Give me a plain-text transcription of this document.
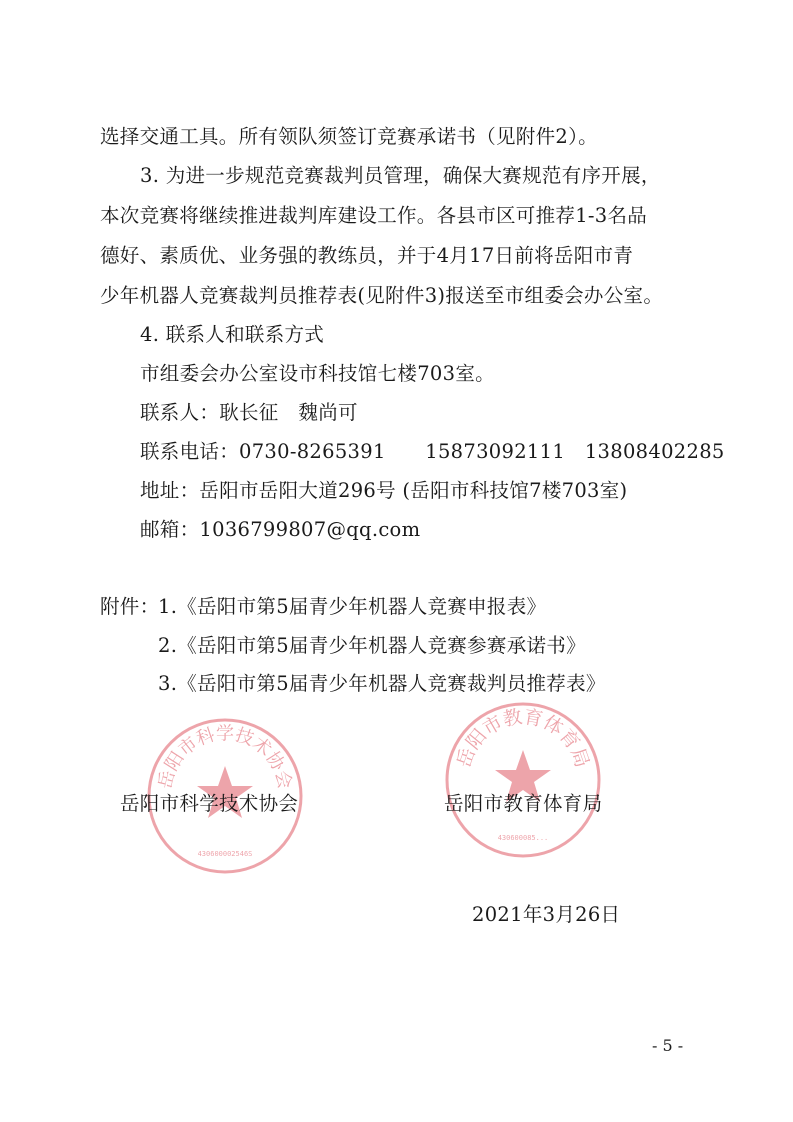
选择交通工具。所有领队须签订竞赛承诺书（见附件2）。
3. 为进一步规范竞赛裁判员管理，确保大赛规范有序开展，
本次竞赛将继续推进裁判库建设工作。各县市区可推荐1-3名品
德好、素质优、业务强的教练员，并于4月17日前将岳阳市青
少年机器人竞赛裁判员推荐表(见附件3)报送至市组委会办公室。
4. 联系人和联系方式
市组委会办公室设市科技馆七楼703室。
联系人：耿长征　魏尚可
联系电话：0730-8265391　　15873092111　13808402285
地址：岳阳市岳阳大道296号 (岳阳市科技馆7楼703室)
邮箱：1036799807@qq.com
附件：
1.《岳阳市第5届青少年机器人竞赛申报表》
2.《岳阳市第5届青少年机器人竞赛参赛承诺书》
3.《岳阳市第5届青少年机器人竞赛裁判员推荐表》
岳阳市科学技术协会
430600002546S
岳阳市教育体育局
430600085...
岳阳市科学技术协会	岳阳市教育体育局
2021年3月26日
- 5 -
